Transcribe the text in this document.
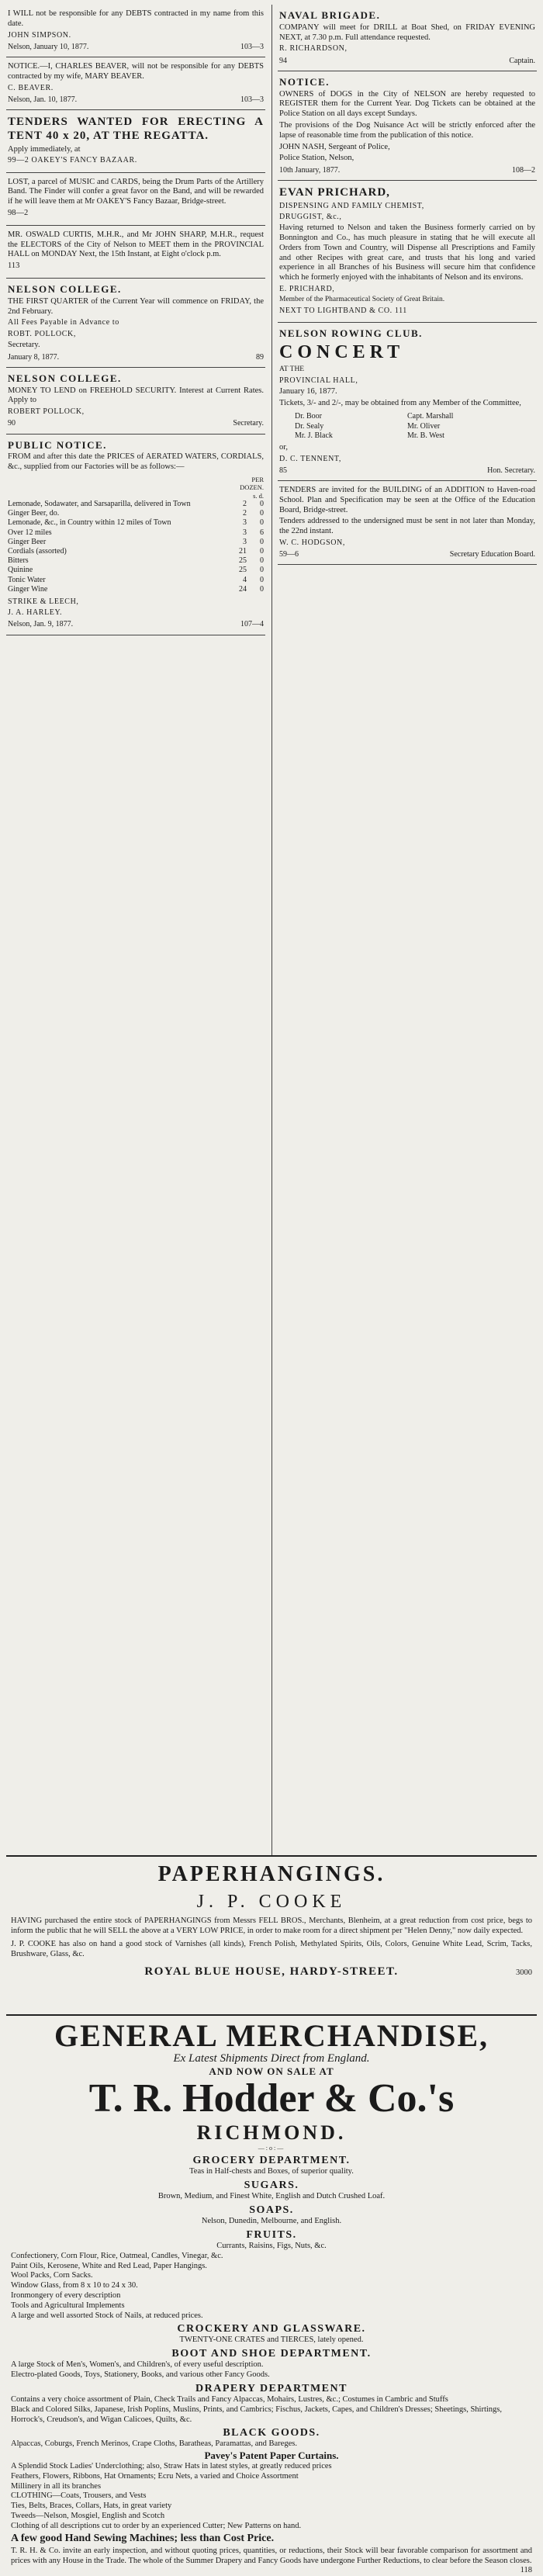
I WILL not be responsible for any DEBTS contracted in my name from this date.

JOHN SIMPSON.

Nelson, January 10, 1877.	103—3

NOTICE.—I, CHARLES BEAVER, will not be responsible for any DEBTS contracted by my wife, MARY BEAVER.

C. BEAVER.

Nelson, Jan. 10, 1877.	103—3

TENDERS WANTED FOR ERECTING A TENT 40 x 20, AT THE REGATTA.

Apply immediately, at

99—2 OAKEY'S FANCY BAZAAR.

LOST, a parcel of MUSIC and CARDS, being the Drum Parts of the Artillery Band. The Finder will confer a great favor on the Band, and will be rewarded if he will leave them at Mr OAKEY'S Fancy Bazaar, Bridge-street.

98—2

MR. OSWALD CURTIS, M.H.R., and Mr JOHN SHARP, M.H.R., request the ELECTORS of the City of Nelson to MEET them in the PROVINCIAL HALL on MONDAY Next, the 15th Instant, at Eight o'clock p.m.

113

NELSON COLLEGE.

THE FIRST QUARTER of the Current Year will commence on FRIDAY, the 2nd February.

All Fees Payable in Advance to

ROBT. POLLOCK,

Secretary.

January 8, 1877.	89

NELSON COLLEGE.

MONEY TO LEND on FREEHOLD SECURITY. Interest at Current Rates. Apply to

ROBERT POLLOCK,

90	Secretary.

PUBLIC NOTICE.

FROM and after this date the PRICES of AERATED WATERS, CORDIALS, &c., supplied from our Factories will be as follows:—

	PER	
	DOZEN.	
	s. d.	
Lemonade, Sodawater, and Sarsaparilla, delivered in Town	2	0
Ginger Beer, do.	2	0
Lemonade, &c., in Country within 12 miles of Town	3	0
Over 12 miles	3	6
Ginger Beer	3	0
Cordials (assorted)	21	0
Bitters	25	0
Quinine	25	0
Tonic Water	4	0
Ginger Wine	24	0

STRIKE & LEECH,

J. A. HARLEY.

Nelson, Jan. 9, 1877.	107—4

NAVAL BRIGADE.

COMPANY will meet for DRILL at Boat Shed, on FRIDAY EVENING NEXT, at 7.30 p.m. Full attendance requested.

R. RICHARDSON,

94	Captain.

NOTICE.

OWNERS of DOGS in the City of NELSON are hereby requested to REGISTER them for the Current Year. Dog Tickets can be obtained at the Police Station on all days except Sundays.

The provisions of the Dog Nuisance Act will be strictly enforced after the lapse of reasonable time from the publication of this notice.

JOHN NASH, Sergeant of Police,

Police Station, Nelson,

10th January, 1877.	108—2

EVAN PRICHARD,

DISPENSING AND FAMILY CHEMIST,

DRUGGIST, &c.,

Having returned to Nelson and taken the Business formerly carried on by Bonnington and Co., has much pleasure in stating that he will execute all Orders from Town and Country, will Dispense all Prescriptions and Family and other Recipes with great care, and trusts that his long and varied experience in all Branches of his Business will secure him that confidence which he formerly enjoyed with the inhabitants of Nelson and its environs.

E. PRICHARD,

Member of the Pharmaceutical Society of Great Britain.

NEXT TO LIGHTBAND & CO. 111

NELSON ROWING CLUB.

CONCERT

AT THE

PROVINCIAL HALL,

January 16, 1877.

Tickets, 3/- and 2/-, may be obtained from any Member of the Committee,

Dr. Boor	Capt. Marshall
Dr. Sealy	Mr. Oliver
Mr. J. Black	Mr. B. West

or,

D. C. TENNENT,

85	Hon. Secretary.

TENDERS are invited for the BUILDING of an ADDITION to Haven-road School. Plan and Specification may be seen at the Office of the Education Board, Bridge-street.

Tenders addressed to the undersigned must be sent in not later than Monday, the 22nd instant.

W. C. HODGSON,

59—6	Secretary Education Board.

PAPERHANGINGS.

J. P. COOKE

HAVING purchased the entire stock of PAPERHANGINGS from Messrs FELL BROS., Merchants, Blenheim, at a great reduction from cost price, begs to inform the public that he will SELL the above at a VERY LOW PRICE, in order to make room for a direct shipment per "Helen Denny," now daily expected.

J. P. COOKE has also on hand a good stock of Varnishes (all kinds), French Polish, Methylated Spirits, Oils, Colors, Genuine White Lead, Scrim, Tacks, Brushware, Glass, &c.

ROYAL BLUE HOUSE, HARDY-STREET.	3000

GENERAL MERCHANDISE,

Ex Latest Shipments Direct from England.

AND NOW ON SALE AT

T. R. Hodder & Co.'s

RICHMOND.

—:o:—

GROCERY DEPARTMENT.

Teas in Half-chests and Boxes, of superior quality.

SUGARS.

Brown, Medium, and Finest White, English and Dutch Crushed Loaf.

SOAPS.

Nelson, Dunedin, Melbourne, and English.

FRUITS.

Currants, Raisins, Figs, Nuts, &c.

Confectionery, Corn Flour, Rice, Oatmeal, Candles, Vinegar, &c.

Paint Oils, Kerosene, White and Red Lead, Paper Hangings.

Wool Packs, Corn Sacks.

Window Glass, from 8 x 10 to 24 x 30.

Ironmongery of every description

Tools and Agricultural Implements

A large and well assorted Stock of Nails, at reduced prices.

CROCKERY AND GLASSWARE.

TWENTY-ONE CRATES and TIERCES, lately opened.

BOOT AND SHOE DEPARTMENT.

A large Stock of Men's, Women's, and Children's, of every useful description.

Electro-plated Goods, Toys, Stationery, Books, and various other Fancy Goods.

DRAPERY DEPARTMENT

Contains a very choice assortment of Plain, Check Trails and Fancy Alpaccas, Mohairs, Lustres, &c.; Costumes in Cambric and Stuffs

Black and Colored Silks, Japanese, Irish Poplins, Muslins, Prints, and Cambrics; Fischus, Jackets, Capes, and Children's Dresses; Sheetings, Shirtings, Horrock's, Creudson's, and Wigan Calicoes, Quilts, &c.

BLACK GOODS.

Alpaccas, Coburgs, French Merinos, Crape Cloths, Baratheas, Paramattas, and Bareges.

Pavey's Patent Paper Curtains.

A Splendid Stock Ladies' Underclothing; also, Straw Hats in latest styles, at greatly reduced prices

Feathers, Flowers, Ribbons, Hat Ornaments; Ecru Nets, a varied and Choice Assortment

Millinery in all its branches

CLOTHING—Coats, Trousers, and Vests

Ties, Belts, Braces, Collars, Hats, in great variety

Tweeds—Nelson, Mosgiel, English and Scotch

Clothing of all descriptions cut to order by an experienced Cutter; New Patterns on hand.

A few good Hand Sewing Machines; less than Cost Price.

T. R. H. & Co. invite an early inspection, and without quoting prices, quantities, or reductions, their Stock will bear favorable comparison for assortment and prices with any House in the Trade. The whole of the Summer Drapery and Fancy Goods have undergone Further Reductions, to clear before the Season closes.

118
